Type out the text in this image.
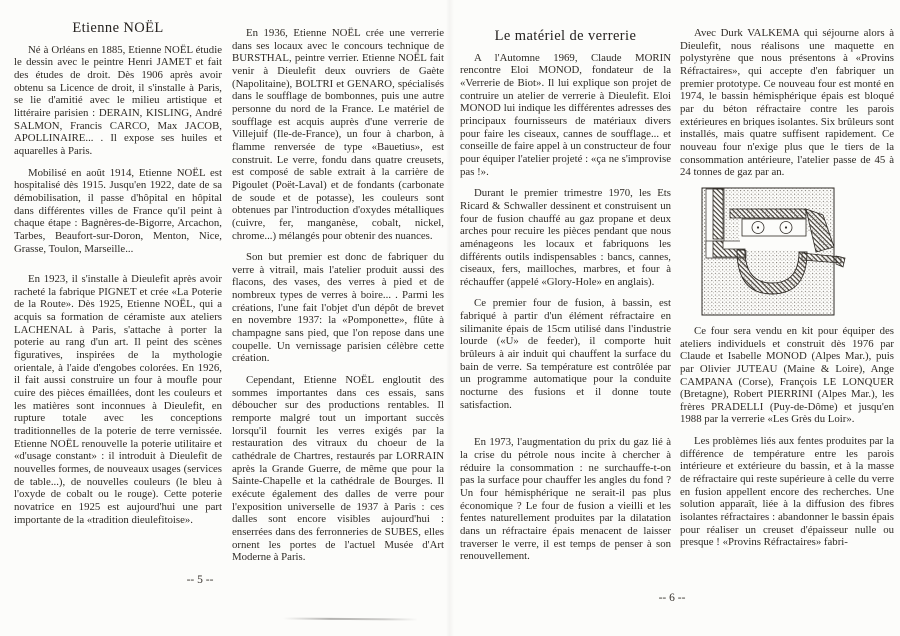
Etienne NOËL

Né à Orléans en 1885, Etienne NOËL étudie le dessin avec le peintre Henri JAMET et fait des études de droit. Dès 1906 après avoir obtenu sa Licence de droit, il s'installe à Paris, se lie d'amitié avec le milieu artistique et littéraire parisien : DERAIN, KISLING, André SALMON, Francis CARCO, Max JACOB, APOLLINAIRE... . Il expose ses huiles et aquarelles à Paris.

Mobilisé en août 1914, Etienne NOËL est hospitalisé dès 1915. Jusqu'en 1922, date de sa démobilisation, il passe d'hôpital en hôpital dans différentes villes de France qu'il peint à chaque étape : Bagnères-de-Bigorre, Arcachon, Tarbes, Beaufort-sur-Doron, Menton, Nice, Grasse, Toulon, Marseille...

En 1923, il s'installe à Dieulefit après avoir racheté la fabrique PIGNET et crée «La Poterie de la Route». Dès 1925, Etienne NOËL, qui a acquis sa formation de céramiste aux ateliers LACHENAL à Paris, s'attache à porter la poterie au rang d'un art. Il peint des scènes figuratives, inspirées de la mythologie orientale, à l'aide d'engobes colorées. En 1926, il fait aussi construire un four à moufle pour cuire des pièces émaillées, dont les couleurs et les matières sont inconnues à Dieulefit, en rupture totale avec les conceptions traditionnelles de la poterie de terre vernissée. Etienne NOËL renouvelle la poterie utilitaire et «d'usage constant» : il introduit à Dieulefit de nouvelles formes, de nouveaux usages (services de table...), de nouvelles couleurs (le bleu à l'oxyde de cobalt ou le rouge). Cette poterie novatrice en 1925 est aujourd'hui une part importante de la «tradition dieulefitoise».

En 1936, Etienne NOËL crée une verrerie dans ses locaux avec le concours technique de BURSTHAL, peintre verrier. Etienne NOËL fait venir à Dieulefit deux ouvriers de Gaète (Napolitaine), BOLTRI et GENARO, spécialisés dans le soufflage de bombonnes, puis une autre personne du nord de la France. Le matériel de soufflage est acquis auprès d'une verrerie de Villejuif (Ile-de-France), un four à charbon, à flamme renversée de type «Bauetius», est construit. Le verre, fondu dans quatre creusets, est composé de sable extrait à la carrière de Pigoulet (Poët-Laval) et de fondants (carbonate de soude et de potasse), les couleurs sont obtenues par l'introduction d'oxydes métalliques (cuivre, fer, manganèse, cobalt, nickel, chrome...) mélangés pour obtenir des nuances.

Son but premier est donc de fabriquer du verre à vitrail, mais l'atelier produit aussi des flacons, des vases, des verres à pied et de nombreux types de verres à boire... . Parmi les créations, l'une fait l'objet d'un dépôt de brevet en novembre 1937: la «Pomponette», flûte à champagne sans pied, que l'on repose dans une coupelle. Un vernissage parisien célèbre cette création.

Cependant, Etienne NOËL engloutit des sommes importantes dans ces essais, sans déboucher sur des productions rentables. Il remporte malgré tout un important succès lorsqu'il fournit les verres exigés par la restauration des vitraux du choeur de la cathédrale de Chartres, restaurés par LORRAIN après la Grande Guerre, de même que pour la Sainte-Chapelle et la cathédrale de Bourges. Il exécute également des dalles de verre pour l'exposition universelle de 1937 à Paris : ces dalles sont encore visibles aujourd'hui : enserrées dans des ferronneries de SUBES, elles ornent les portes de l'actuel Musée d'Art Moderne à Paris.

-- 5 --
Le matériel de verrerie

A l'Automne 1969, Claude MORIN rencontre Eloi MONOD, fondateur de la «Verrerie de Biot». Il lui explique son projet de contruire un atelier de verrerie à Dieulefit. Eloi MONOD lui indique les différentes adresses des principaux fournisseurs de matériaux divers pour faire les ciseaux, cannes de soufflage... et conseille de faire appel à un constructeur de four pour équiper l'atelier projeté : «ça ne s'improvise pas !».

Durant le premier trimestre 1970, les Ets Ricard & Schwaller dessinent et construisent un four de fusion chauffé au gaz propane et deux arches pour recuire les pièces pendant que nous aménageons les locaux et fabriquons les différents outils indispensables : bancs, cannes, ciseaux, fers, mailloches, marbres, et four à réchauffer (appelé «Glory-Hole» en anglais).

Ce premier four de fusion, à bassin, est fabriqué à partir d'un élément réfractaire en silimanite épais de 15cm utilisé dans l'industrie lourde («U» de feeder), il comporte huit brûleurs à air induit qui chauffent la surface du bain de verre. Sa température est contrôlée par un programme automatique pour la conduite nocturne des fusions et il donne toute satisfaction.

En 1973, l'augmentation du prix du gaz lié à la crise du pétrole nous incite à chercher à réduire la consommation : ne surchauffe-t-on pas la surface pour chauffer les angles du fond ? Un four hémisphérique ne serait-il pas plus économique ? Le four de fusion a vieilli et les fentes naturellement produites par la dilatation dans un réfractaire épais menacent de laisser traverser le verre, il est temps de penser à son renouvellement.

Avec Durk VALKEMA qui séjourne alors à Dieulefit, nous réalisons une maquette en polystyrène que nous présentons à «Provins Réfractaires», qui accepte d'en fabriquer un premier prototype. Ce nouveau four est monté en 1974, le bassin hémisphérique épais est bloqué par du béton réfractaire contre les parois extérieures en briques isolantes. Six brûleurs sont installés, mais quatre suffisent rapidement. Ce nouveau four n'exige plus que le tiers de la consommation antérieure, l'atelier passe de 45 à 24 tonnes de gaz par an.

Ce four sera vendu en kit pour équiper des ateliers individuels et construit dès 1976 par Claude et Isabelle MONOD (Alpes Mar.), puis par Olivier JUTEAU (Maine & Loire), Ange CAMPANA (Corse), François LE LONQUER (Bretagne), Robert PIERRINI (Alpes Mar.), les frères PRADELLI (Puy-de-Dôme) et jusqu'en 1988 par la verrerie «Les Grès du Loir».

Les problèmes liés aux fentes produites par la différence de température entre les parois intérieure et extérieure du bassin, et à la masse de réfractaire qui reste supérieure à celle du verre en fusion appellent encore des recherches. Une solution apparaît, liée à la diffusion des fibres isolantes réfractaires : abandonner le bassin épais pour réaliser un creuset d'épaisseur nulle ou presque ! «Provins Réfractaires» fabri-

-- 6 --
